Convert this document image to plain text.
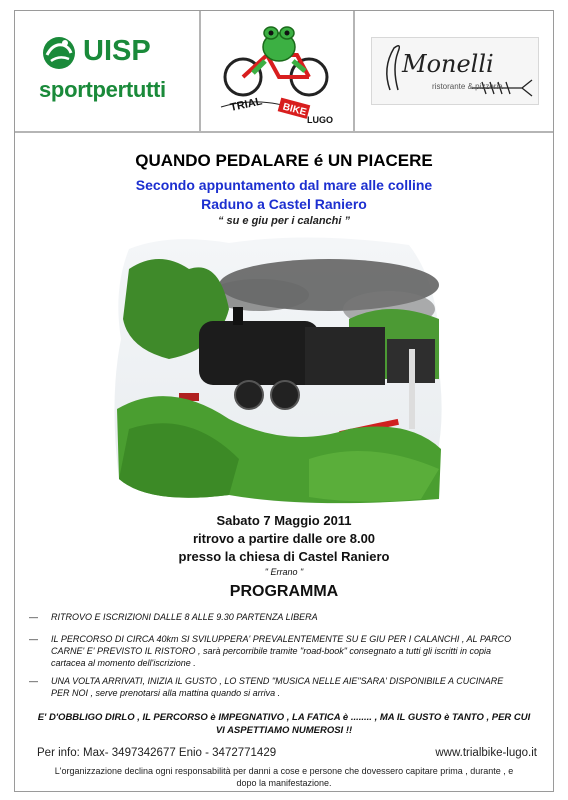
UISP
sportpertutti
TRIAL BIKE
LUGO
Monelli
ristorante & pizzeria
QUANDO PEDALARE é UN PIACERE
Secondo appuntamento dal mare alle colline
Raduno a Castel Raniero
“ su e giu per i calanchi ”
Sabato 7 Maggio 2011
ritrovo a partire dalle ore 8.00
presso la chiesa di Castel Raniero
" Errano "
PROGRAMMA
— RITROVO E ISCRIZIONI DALLE 8 ALLE 9.30 PARTENZA LIBERA
— IL PERCORSO DI CIRCA 40km SI SVILUPPERA' PREVALENTEMENTE SU E GIU PER I CALANCHI , AL PARCO CARNE' E' PREVISTO IL RISTORO , sarà percorribile tramite "road-book" consegnato a tutti gli iscritti in copia cartacea al momento dell'iscrizione .
— UNA VOLTA ARRIVATI, INIZIA IL GUSTO , LO STEND "MUSICA NELLE AIE"SARA' DISPONIBILE A CUCINARE PER NOI , serve prenotarsi alla mattina quando si arriva .
E' D'OBBLIGO DIRLO , IL PERCORSO è IMPEGNATIVO , LA FATICA è ........ , MA IL GUSTO è TANTO , PER CUI VI ASPETTIAMO NUMEROSI !!
Per info: Max- 3497342677 Enio - 3472771429	www.trialbike-lugo.it
L'organizzazione declina ogni responsabilità per danni a cose e persone che dovessero capitare prima , durante , e dopo la manifestazione.
